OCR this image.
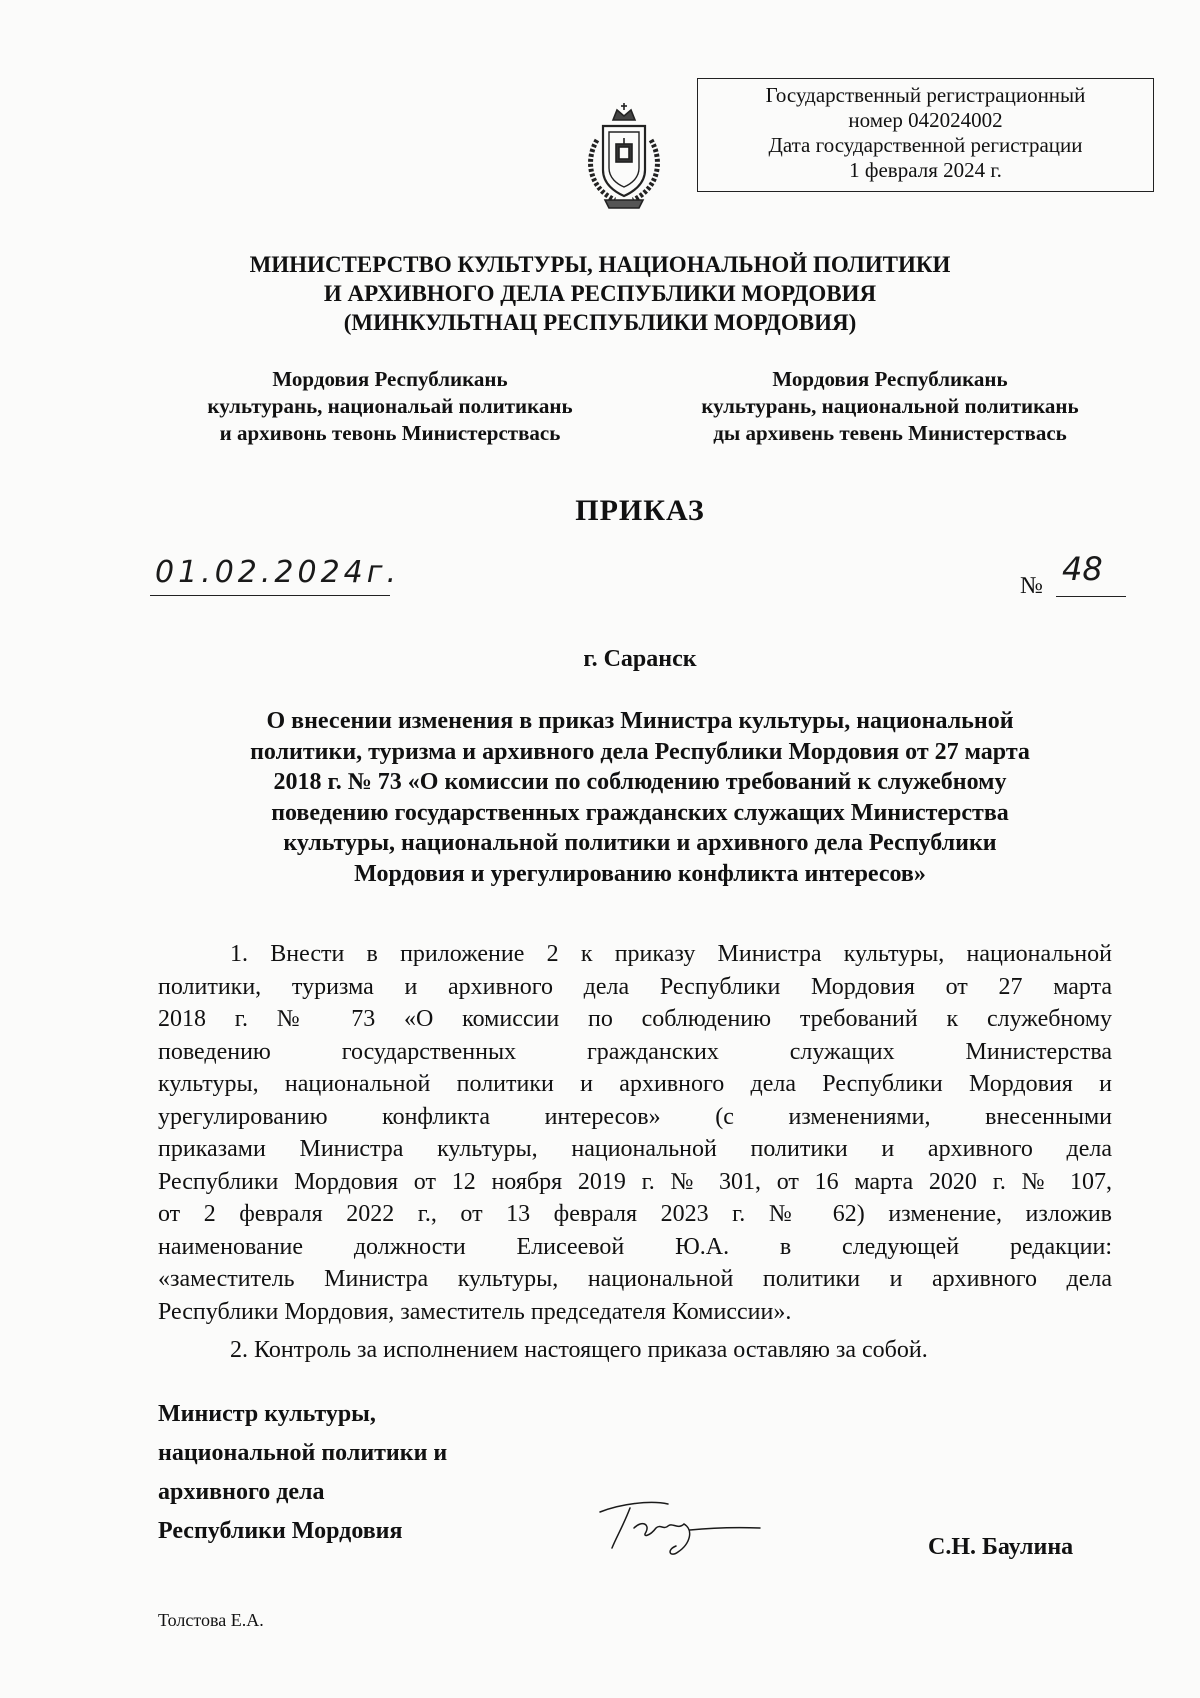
Государственный регистрационный
номер 042024002
Дата государственной регистрации
1 февраля 2024 г.
МИНИСТЕРСТВО КУЛЬТУРЫ, НАЦИОНАЛЬНОЙ ПОЛИТИКИ
И АРХИВНОГО ДЕЛА РЕСПУБЛИКИ МОРДОВИЯ
(МИНКУЛЬТНАЦ РЕСПУБЛИКИ МОРДОВИЯ)
Мордовия Республикань
культурань, национальай политикань
и архивонь тевонь Министерствась
Мордовия Республикань
культурань, национальной политикань
ды архивень тевень Министерствась
ПРИКАЗ
01.02.2024г.	№ 48
г. Саранск
О внесении изменения в приказ Министра культуры, национальной
политики, туризма и архивного дела Республики Мордовия от 27 марта
2018 г. № 73 «О комиссии по соблюдению требований к служебному
поведению государственных гражданских служащих Министерства
культуры, национальной политики и архивного дела Республики
Мордовия и урегулированию конфликта интересов»
1. Внести в приложение 2 к приказу Министра культуры, национальной
политики, туризма и архивного дела Республики Мордовия от 27 марта
2018 г. № 73 «О комиссии по соблюдению требований к служебному
поведению государственных гражданских служащих Министерства
культуры, национальной политики и архивного дела Республики Мордовия и
урегулированию конфликта интересов» (с изменениями, внесенными
приказами Министра культуры, национальной политики и архивного дела
Республики Мордовия от 12 ноября 2019 г. № 301, от 16 марта 2020 г. № 107,
от 2 февраля 2022 г., от 13 февраля 2023 г. № 62) изменение, изложив
наименование должности Елисеевой Ю.А. в следующей редакции:
«заместитель Министра культуры, национальной политики и архивного дела
Республики Мордовия, заместитель председателя Комиссии».
2. Контроль за исполнением настоящего приказа оставляю за собой.
Министр культуры,
национальной политики и
архивного дела
Республики Мордовия
С.Н. Баулина
Толстова Е.А.
